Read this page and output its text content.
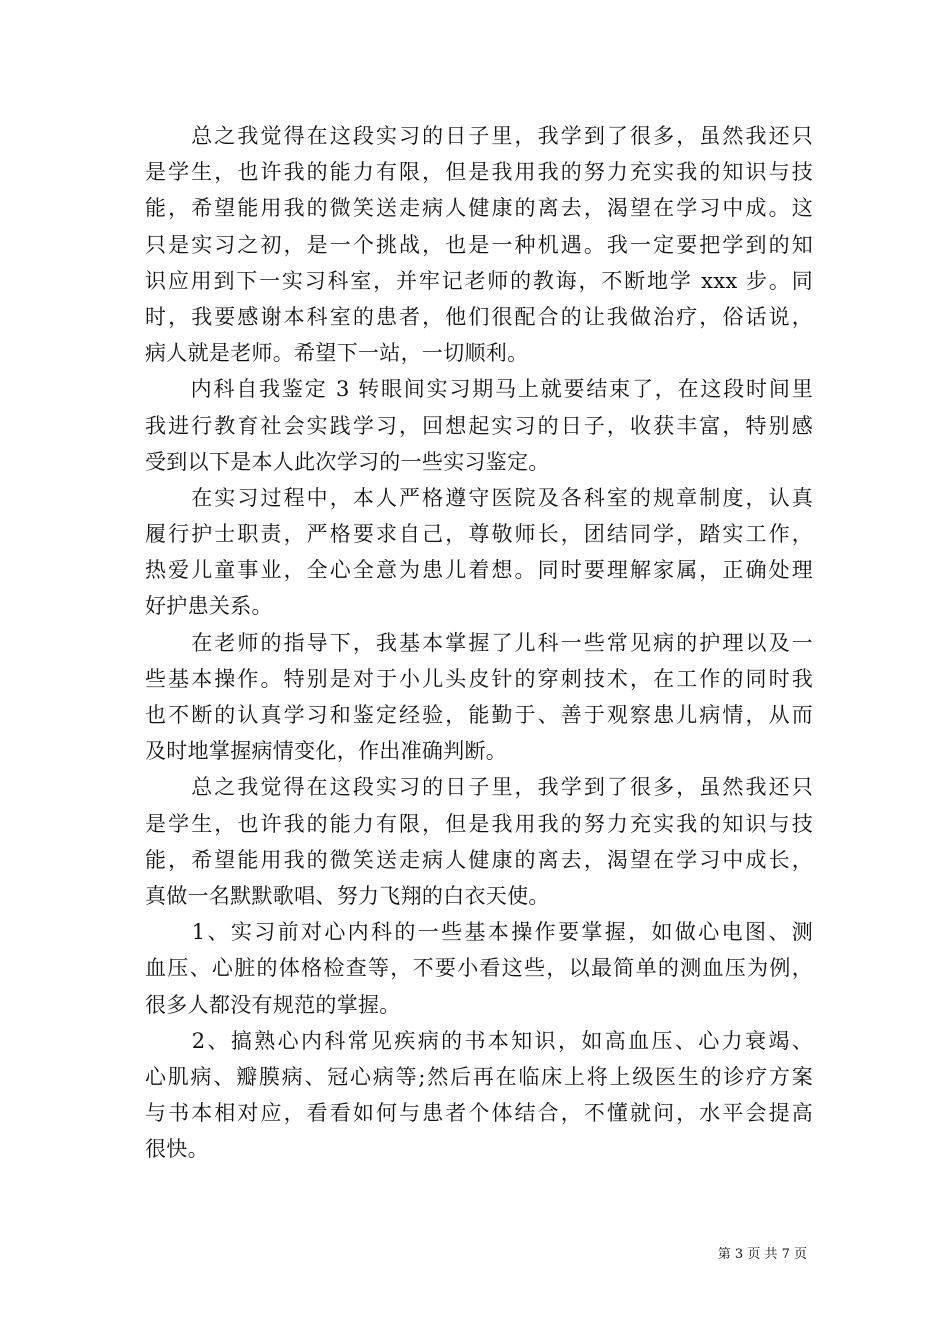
　　总之我觉得在这段实习的日子里，我学到了很多，虽然我还只
是学生，也许我的能力有限，但是我用我的努力充实我的知识与技
能，希望能用我的微笑送走病人健康的离去，渴望在学习中成。这
只是实习之初，是一个挑战，也是一种机遇。我一定要把学到的知
识应用到下一实习科室，并牢记老师的教诲，不断地学 xxx 步。同
时，我要感谢本科室的患者，他们很配合的让我做治疗，俗话说，
病人就是老师。希望下一站，一切顺利。
　　内科自我鉴定 3 转眼间实习期马上就要结束了，在这段时间里
我进行教育社会实践学习，回想起实习的日子，收获丰富，特别感
受到以下是本人此次学习的一些实习鉴定。
　　在实习过程中，本人严格遵守医院及各科室的规章制度，认真
履行护士职责，严格要求自己，尊敬师长，团结同学，踏实工作，
热爱儿童事业，全心全意为患儿着想。同时要理解家属，正确处理
好护患关系。
　　在老师的指导下，我基本掌握了儿科一些常见病的护理以及一
些基本操作。特别是对于小儿头皮针的穿刺技术，在工作的同时我
也不断的认真学习和鉴定经验，能勤于、善于观察患儿病情，从而
及时地掌握病情变化，作出准确判断。
　　总之我觉得在这段实习的日子里，我学到了很多，虽然我还只
是学生，也许我的能力有限，但是我用我的努力充实我的知识与技
能，希望能用我的微笑送走病人健康的离去，渴望在学习中成长，
真做一名默默歌唱、努力飞翔的白衣天使。
　　1、实习前对心内科的一些基本操作要掌握，如做心电图、测
血压、心脏的体格检查等，不要小看这些，以最简单的测血压为例，
很多人都没有规范的掌握。
　　2、搞熟心内科常见疾病的书本知识，如高血压、心力衰竭、
心肌病、瓣膜病、冠心病等;然后再在临床上将上级医生的诊疗方案
与书本相对应，看看如何与患者个体结合，不懂就问，水平会提高
很快。
第 3 页 共 7 页
